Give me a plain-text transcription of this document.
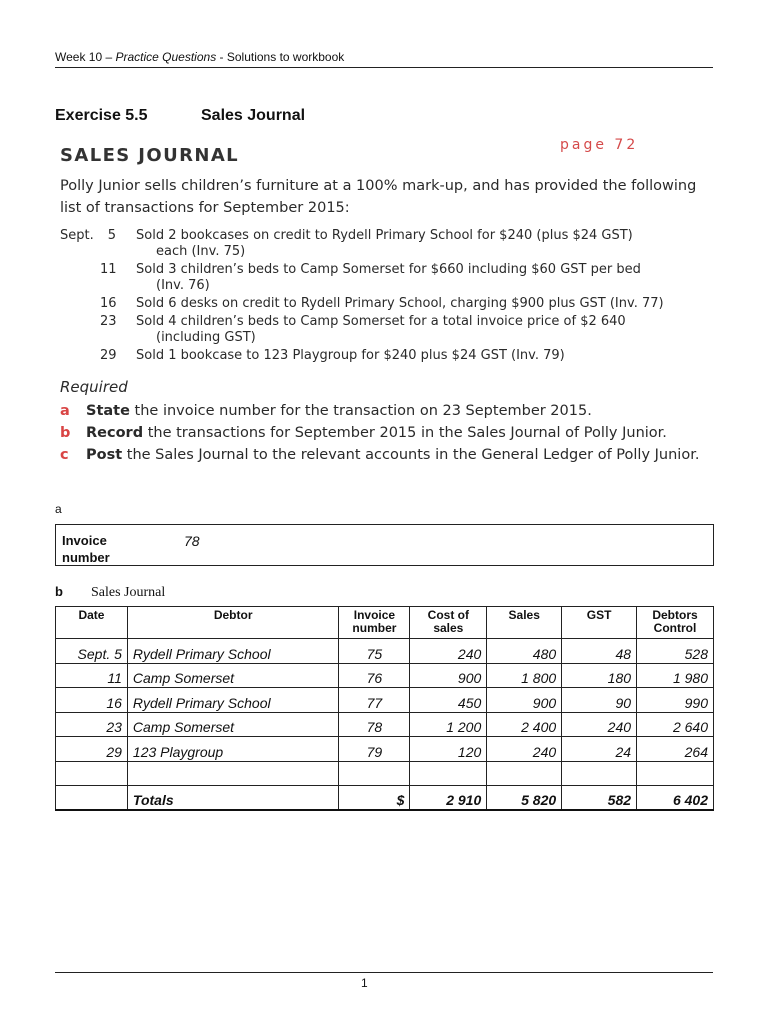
Week 10 – Practice Questions - Solutions to workbook
Exercise 5.5	Sales Journal
SALES JOURNAL	page 72
Polly Junior sells children’s furniture at a 100% mark-up, and has provided the following list of transactions for September 2015:
Sept.	5	Sold 2 bookcases on credit to Rydell Primary School for $240 (plus $24 GST)
each (Inv. 75)
11	Sold 3 children’s beds to Camp Somerset for $660 including $60 GST per bed
(Inv. 76)
16	Sold 6 desks on credit to Rydell Primary School, charging $900 plus GST (Inv. 77)
23	Sold 4 children’s beds to Camp Somerset for a total invoice price of $2 640
(including GST)
29	Sold 1 bookcase to 123 Playgroup for $240 plus $24 GST (Inv. 79)
Required
a	State the invoice number for the transaction on 23 September 2015.
b	Record the transactions for September 2015 in the Sales Journal of Polly Junior.
c	Post the Sales Journal to the relevant accounts in the General Ledger of Polly Junior.
a
Invoice number
78
b Sales Journal
Date	Debtor	Invoice number	Cost of sales	Sales	GST	Debtors Control
Sept. 5	Rydell Primary School	75	240	480	48	528
11	Camp Somerset	76	900	1 800	180	1 980
16	Rydell Primary School	77	450	900	90	990
23	Camp Somerset	78	1 200	2 400	240	2 640
29	123 Playgroup	79	120	240	24	264

	Totals	$	2 910	5 820	582	6 402
1
